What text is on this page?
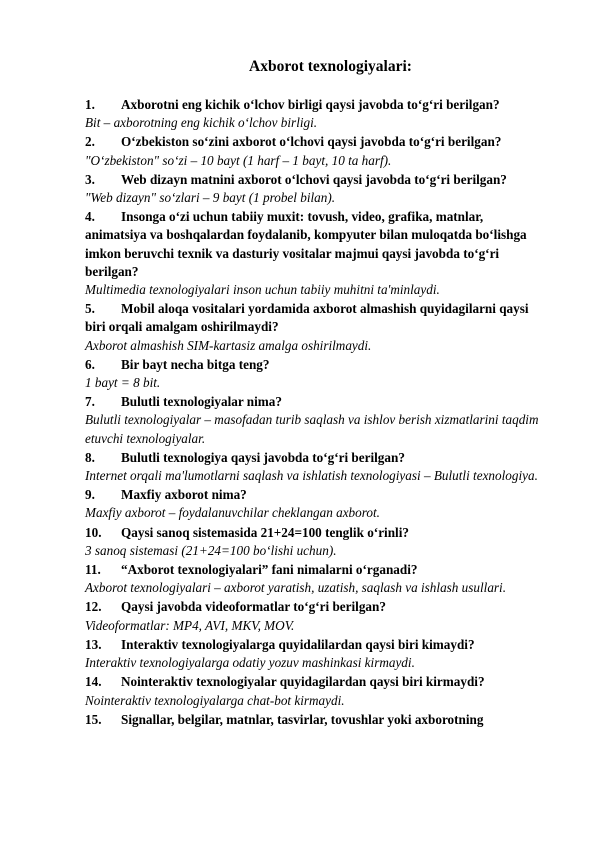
Axborot texnologiyalari:

1. Axborotni eng kichik o‘lchov birligi qaysi javobda to‘g‘ri berilgan?

Bit – axborotning eng kichik o‘lchov birligi.

2. O‘zbekiston so‘zini axborot o‘lchovi qaysi javobda to‘g‘ri berilgan?

"O‘zbekiston" so‘zi – 10 bayt (1 harf – 1 bayt, 10 ta harf).

3. Web dizayn matnini axborot o‘lchovi qaysi javobda to‘g‘ri berilgan?

"Web dizayn" so‘zlari – 9 bayt (1 probel bilan).

4. Insonga o‘zi uchun tabiiy muxit: tovush, video, grafika, matnlar, animatsiya va boshqalardan foydalanib, kompyuter bilan muloqatda bo‘lishga imkon beruvchi texnik va dasturiy vositalar majmui qaysi javobda to‘g‘ri berilgan?

Multimedia texnologiyalari inson uchun tabiiy muhitni ta'minlaydi.

5. Mobil aloqa vositalari yordamida axborot almashish quyidagilarni qaysi biri orqali amalgam oshirilmaydi?

Axborot almashish SIM-kartasiz amalga oshirilmaydi.

6. Bir bayt necha bitga teng?

1 bayt = 8 bit.

7. Bulutli texnologiyalar nima?

Bulutli texnologiyalar – masofadan turib saqlash va ishlov berish xizmatlarini taqdim etuvchi texnologiyalar.

8. Bulutli texnologiya qaysi javobda to‘g‘ri berilgan?

Internet orqali ma'lumotlarni saqlash va ishlatish texnologiyasi – Bulutli texnologiya.

9. Maxfiy axborot nima?

Maxfiy axborot – foydalanuvchilar cheklangan axborot.

10. Qaysi sanoq sistemasida 21+24=100 tenglik o‘rinli?

3 sanoq sistemasi (21+24=100 bo‘lishi uchun).

11. “Axborot texnologiyalari” fani nimalarni o‘rganadi?

Axborot texnologiyalari – axborot yaratish, uzatish, saqlash va ishlash usullari.

12. Qaysi javobda videoformatlar to‘g‘ri berilgan?

Videoformatlar: MP4, AVI, MKV, MOV.

13. Interaktiv texnologiyalarga quyidalilardan qaysi biri kimaydi?

Interaktiv texnologiyalarga odatiy yozuv mashinkasi kirmaydi.

14. Nointeraktiv texnologiyalar quyidagilardan qaysi biri kirmaydi?

Nointeraktiv texnologiyalarga chat-bot kirmaydi.

15. Signallar, belgilar, matnlar, tasvirlar, tovushlar yoki axborotning
